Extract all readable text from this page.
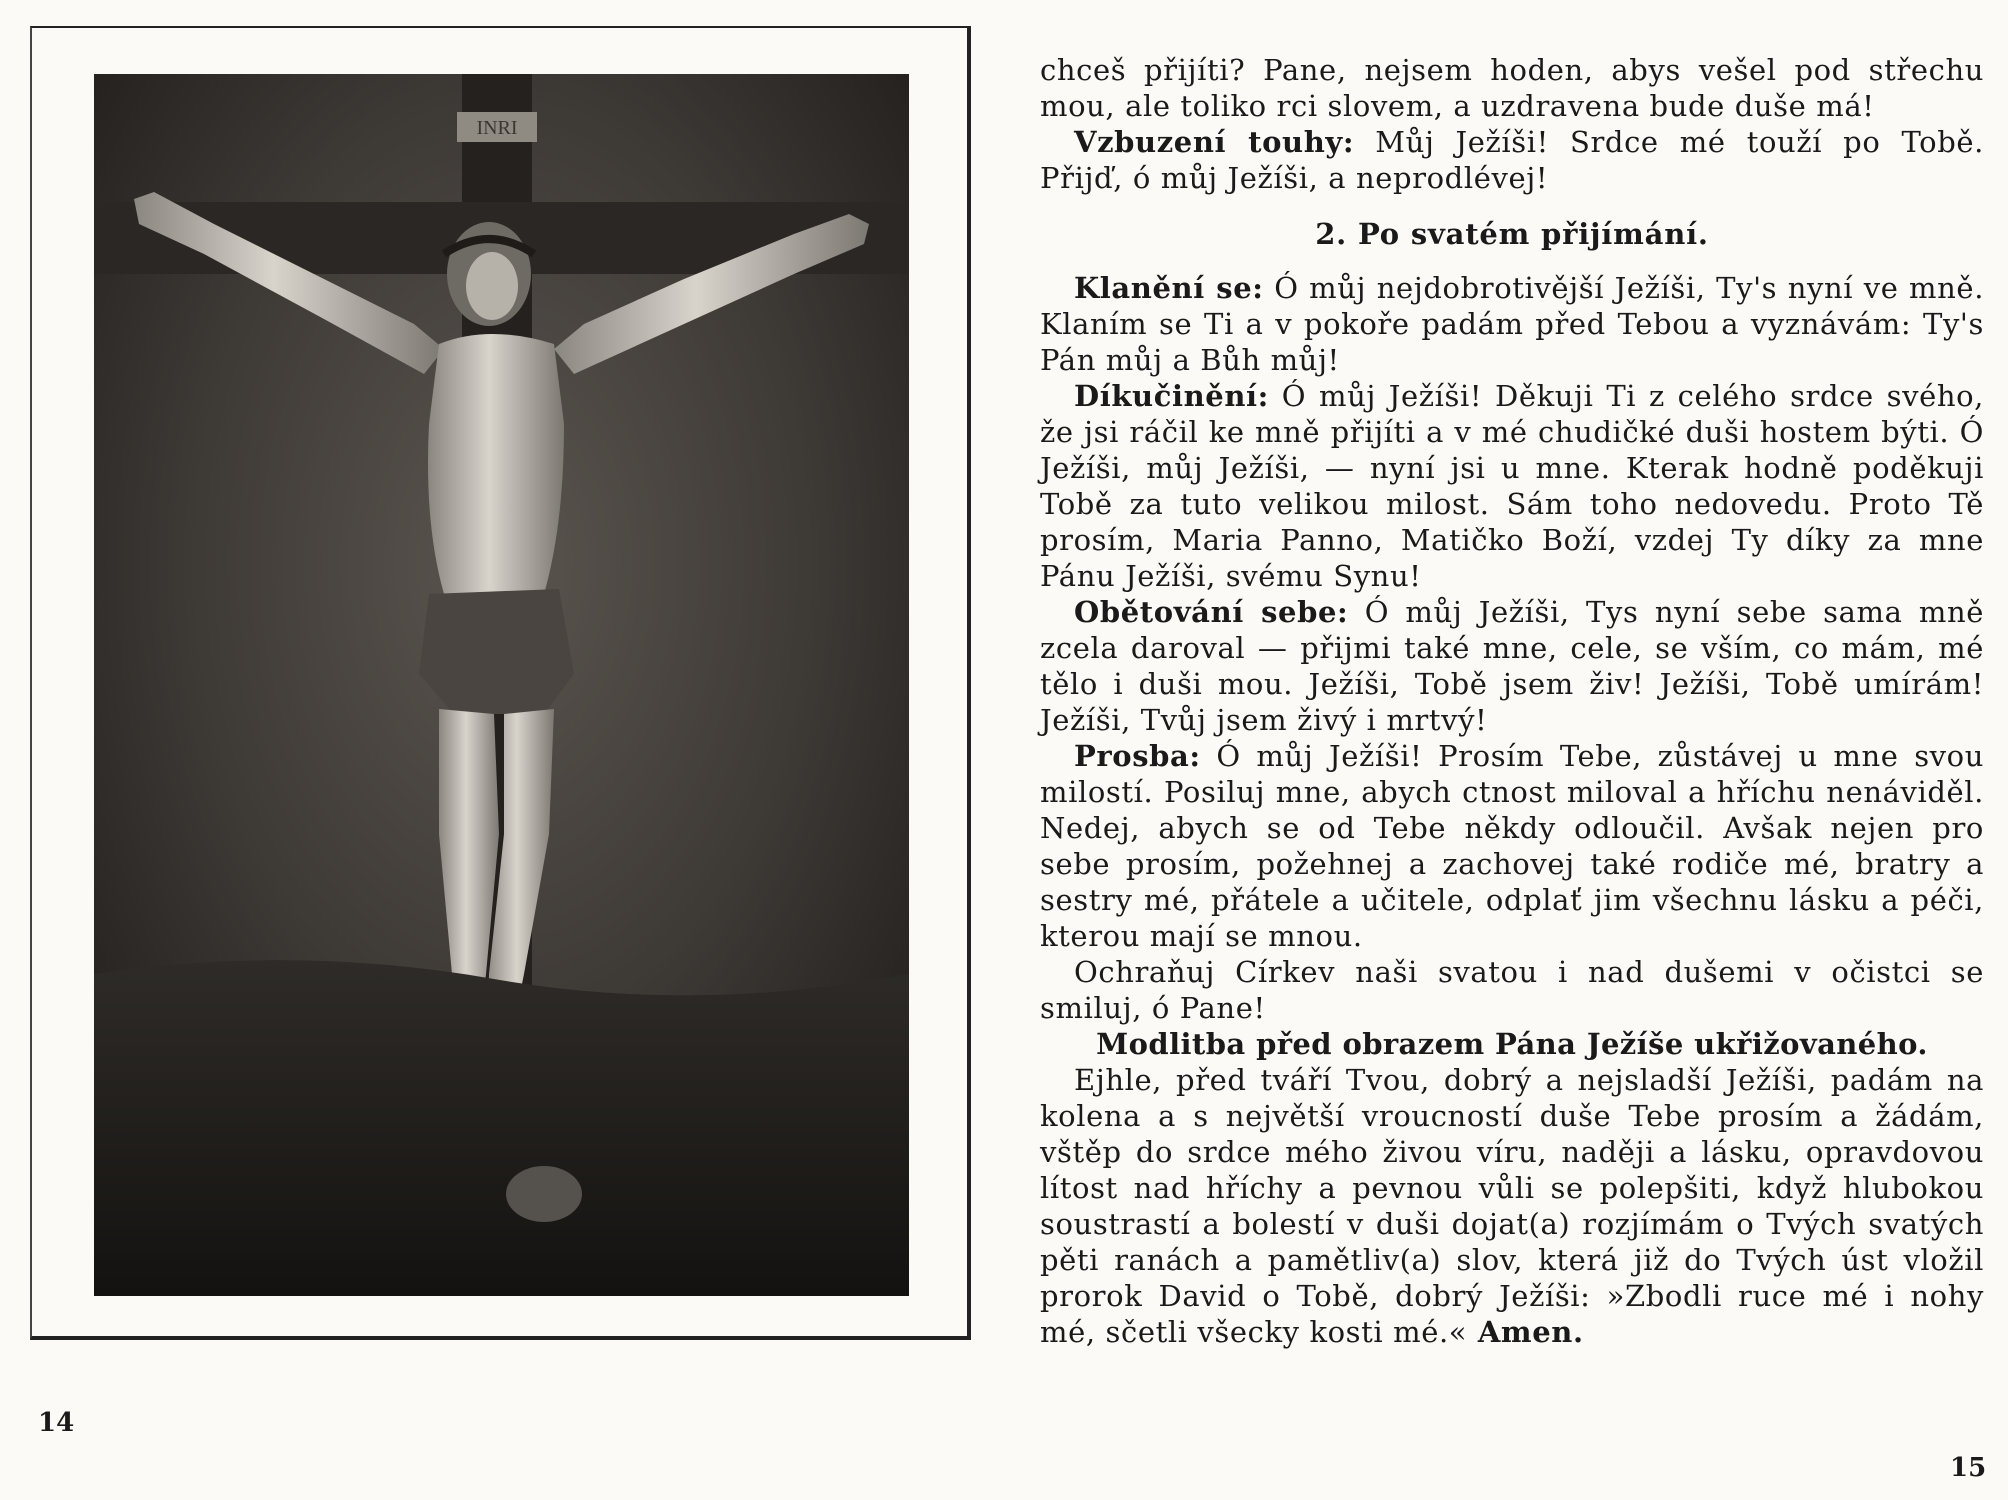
INRI
14

chceš přijíti? Pane, nejsem hoden, abys vešel pod střechu mou, ale toliko rci slovem, a uzdravena bude duše má!

Vzbuzení touhy: Můj Ježíši! Srdce mé touží po Tobě. Přijď, ó můj Ježíši, a neprodlévej!

2. Po svatém přijímání.

Klanění se: Ó můj nejdobrotivější Ježíši, Ty's nyní ve mně. Klaním se Ti a v pokoře padám před Tebou a vyznávám: Ty's Pán můj a Bůh můj!

Díkučinění: Ó můj Ježíši! Děkuji Ti z celého srdce svého, že jsi ráčil ke mně přijíti a v mé chudičké duši hostem býti. Ó Ježíši, můj Ježíši, — nyní jsi u mne. Kterak hodně poděkuji Tobě za tuto velikou milost. Sám toho nedovedu. Proto Tě prosím, Maria Panno, Matičko Boží, vzdej Ty díky za mne Pánu Ježíši, svému Synu!

Obětování sebe: Ó můj Ježíši, Tys nyní sebe sama mně zcela daroval — přijmi také mne, cele, se vším, co mám, mé tělo i duši mou. Ježíši, Tobě jsem živ! Ježíši, Tobě umírám! Ježíši, Tvůj jsem živý i mrtvý!

Prosba: Ó můj Ježíši! Prosím Tebe, zůstávej u mne svou milostí. Posiluj mne, abych ctnost miloval a hříchu nenáviděl. Nedej, abych se od Tebe někdy odloučil. Avšak nejen pro sebe prosím, požehnej a zachovej také rodiče mé, bratry a sestry mé, přátele a učitele, odplať jim všechnu lásku a péči, kterou mají se mnou.

Ochraňuj Církev naši svatou i nad dušemi v očistci se smiluj, ó Pane!

Modlitba před obrazem Pána Ježíše ukřižovaného.

Ejhle, před tváří Tvou, dobrý a nejsladší Ježíši, padám na kolena a s největší vroucností duše Tebe prosím a žádám, vštěp do srdce mého živou víru, naději a lásku, opravdovou lítost nad hříchy a pevnou vůli se polepšiti, když hlubokou soustrastí a bolestí v duši dojat(a) rozjímám o Tvých svatých pěti ranách a pamětliv(a) slov, která již do Tvých úst vložil prorok David o Tobě, dobrý Ježíši: »Zbodli ruce mé i nohy mé, sčetli všecky kosti mé.« Amen.

15
